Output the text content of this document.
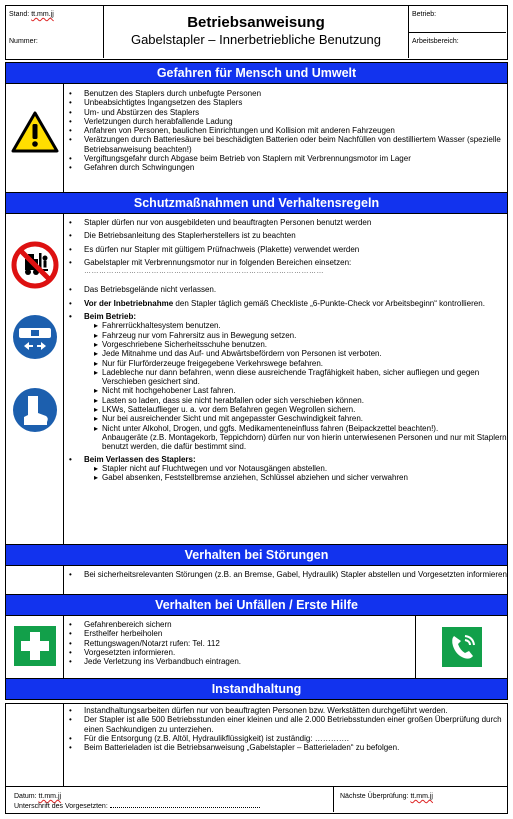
Stand: tt.mm.jj
Nummer:
Betriebsanweisung
Gabelstapler – Innerbetriebliche Benutzung
Betrieb:
Arbeitsbereich:
Gefahren für Mensch und Umwelt
• Benutzen des Staplers durch unbefugte Personen
• Unbeabsichtigtes Ingangsetzen des Staplers
• Um- und Abstürzen des Staplers
• Verletzungen durch herabfallende Ladung
• Anfahren von Personen, baulichen Einrichtungen und Kollision mit anderen Fahrzeugen
• Verätzungen durch Batteriesäure bei beschädigten Batterien oder beim Nachfüllen von destilliertem Wasser (spezielle Betriebsanweisung beachten!)
• Vergiftungsgefahr durch Abgase beim Betrieb von Staplern mit Verbrennungsmotor im Lager
• Gefahren durch Schwingungen
Schutzmaßnahmen und Verhaltensregeln
• Stapler dürfen nur von ausgebildeten und beauftragten Personen benutzt werden
• Die Betriebsanleitung des Staplerherstellers ist zu beachten
• Es dürfen nur Stapler mit gültigem Prüfnachweis (Plakette) verwendet werden
• Gabelstapler mit Verbrennungsmotor nur in folgenden Bereichen einsetzen:
……………………………………………………………………………………
• Das Betriebsgelände nicht verlassen.
• Vor der Inbetriebnahme den Stapler täglich gemäß Checkliste „6-Punkte-Check vor Arbeitsbeginn“ kontrollieren.
• Beim Betrieb:
▸ Fahrerrückhaltesystem benutzen.
▸ Fahrzeug nur vom Fahrersitz aus in Bewegung setzen.
▸ Vorgeschriebene Sicherheitsschuhe benutzen.
▸ Jede Mitnahme und das Auf- und Abwärtsbefördern von Personen ist verboten.
▸ Nur für Flurförderzeuge freigegebene Verkehrswege befahren.
▸ Ladebleche nur dann befahren, wenn diese ausreichende Tragfähigkeit haben, sicher aufliegen und gegen Verschieben gesichert sind.
▸ Nicht mit hochgehobener Last fahren.
▸ Lasten so laden, dass sie nicht herabfallen oder sich verschieben können.
▸ LKWs, Sattelauflieger u. a. vor dem Befahren gegen Wegrollen sichern.
▸ Nur bei ausreichender Sicht und mit angepasster Geschwindigkeit fahren.
▸ Nicht unter Alkohol, Drogen, und ggfs. Medikamenteneinfluss fahren (Beipackzettel beachten!).
Anbaugeräte (z.B. Montagekorb, Teppichdorn) dürfen nur von hierin unterwiesenen Personen und nur mit Staplern benutzt werden, die dafür bestimmt sind.
• Beim Verlassen des Staplers:
▸ Stapler nicht auf Fluchtwegen und vor Notausgängen abstellen.
▸ Gabel absenken, Feststellbremse anziehen, Schlüssel abziehen und sicher verwahren
Verhalten bei Störungen
• Bei sicherheitsrelevanten Störungen (z.B. an Bremse, Gabel, Hydraulik) Stapler abstellen und Vorgesetzten informieren
Verhalten bei Unfällen / Erste Hilfe
• Gefahrenbereich sichern
• Ersthelfer herbeiholen
• Rettungswagen/Notarzt rufen: Tel. 112
• Vorgesetzten informieren.
• Jede Verletzung ins Verbandbuch eintragen.
Instandhaltung
• Instandhaltungsarbeiten dürfen nur von beauftragten Personen bzw. Werkstätten durchgeführt werden.
• Der Stapler ist alle 500 Betriebsstunden einer kleinen und alle 2.000 Betriebsstunden einer großen Überprüfung durch einen Sachkundigen zu unterziehen.
• Für die Entsorgung (z.B. Altöl, Hydraulikflüssigkeit) ist zuständig: ………….
• Beim Batterieladen ist die Betriebsanweisung „Gabelstapler – Batterieladen“ zu befolgen.
Datum: tt.mm.jj
Unterschrift des Vorgesetzten:
Nächste Überprüfung: tt.mm.jj
